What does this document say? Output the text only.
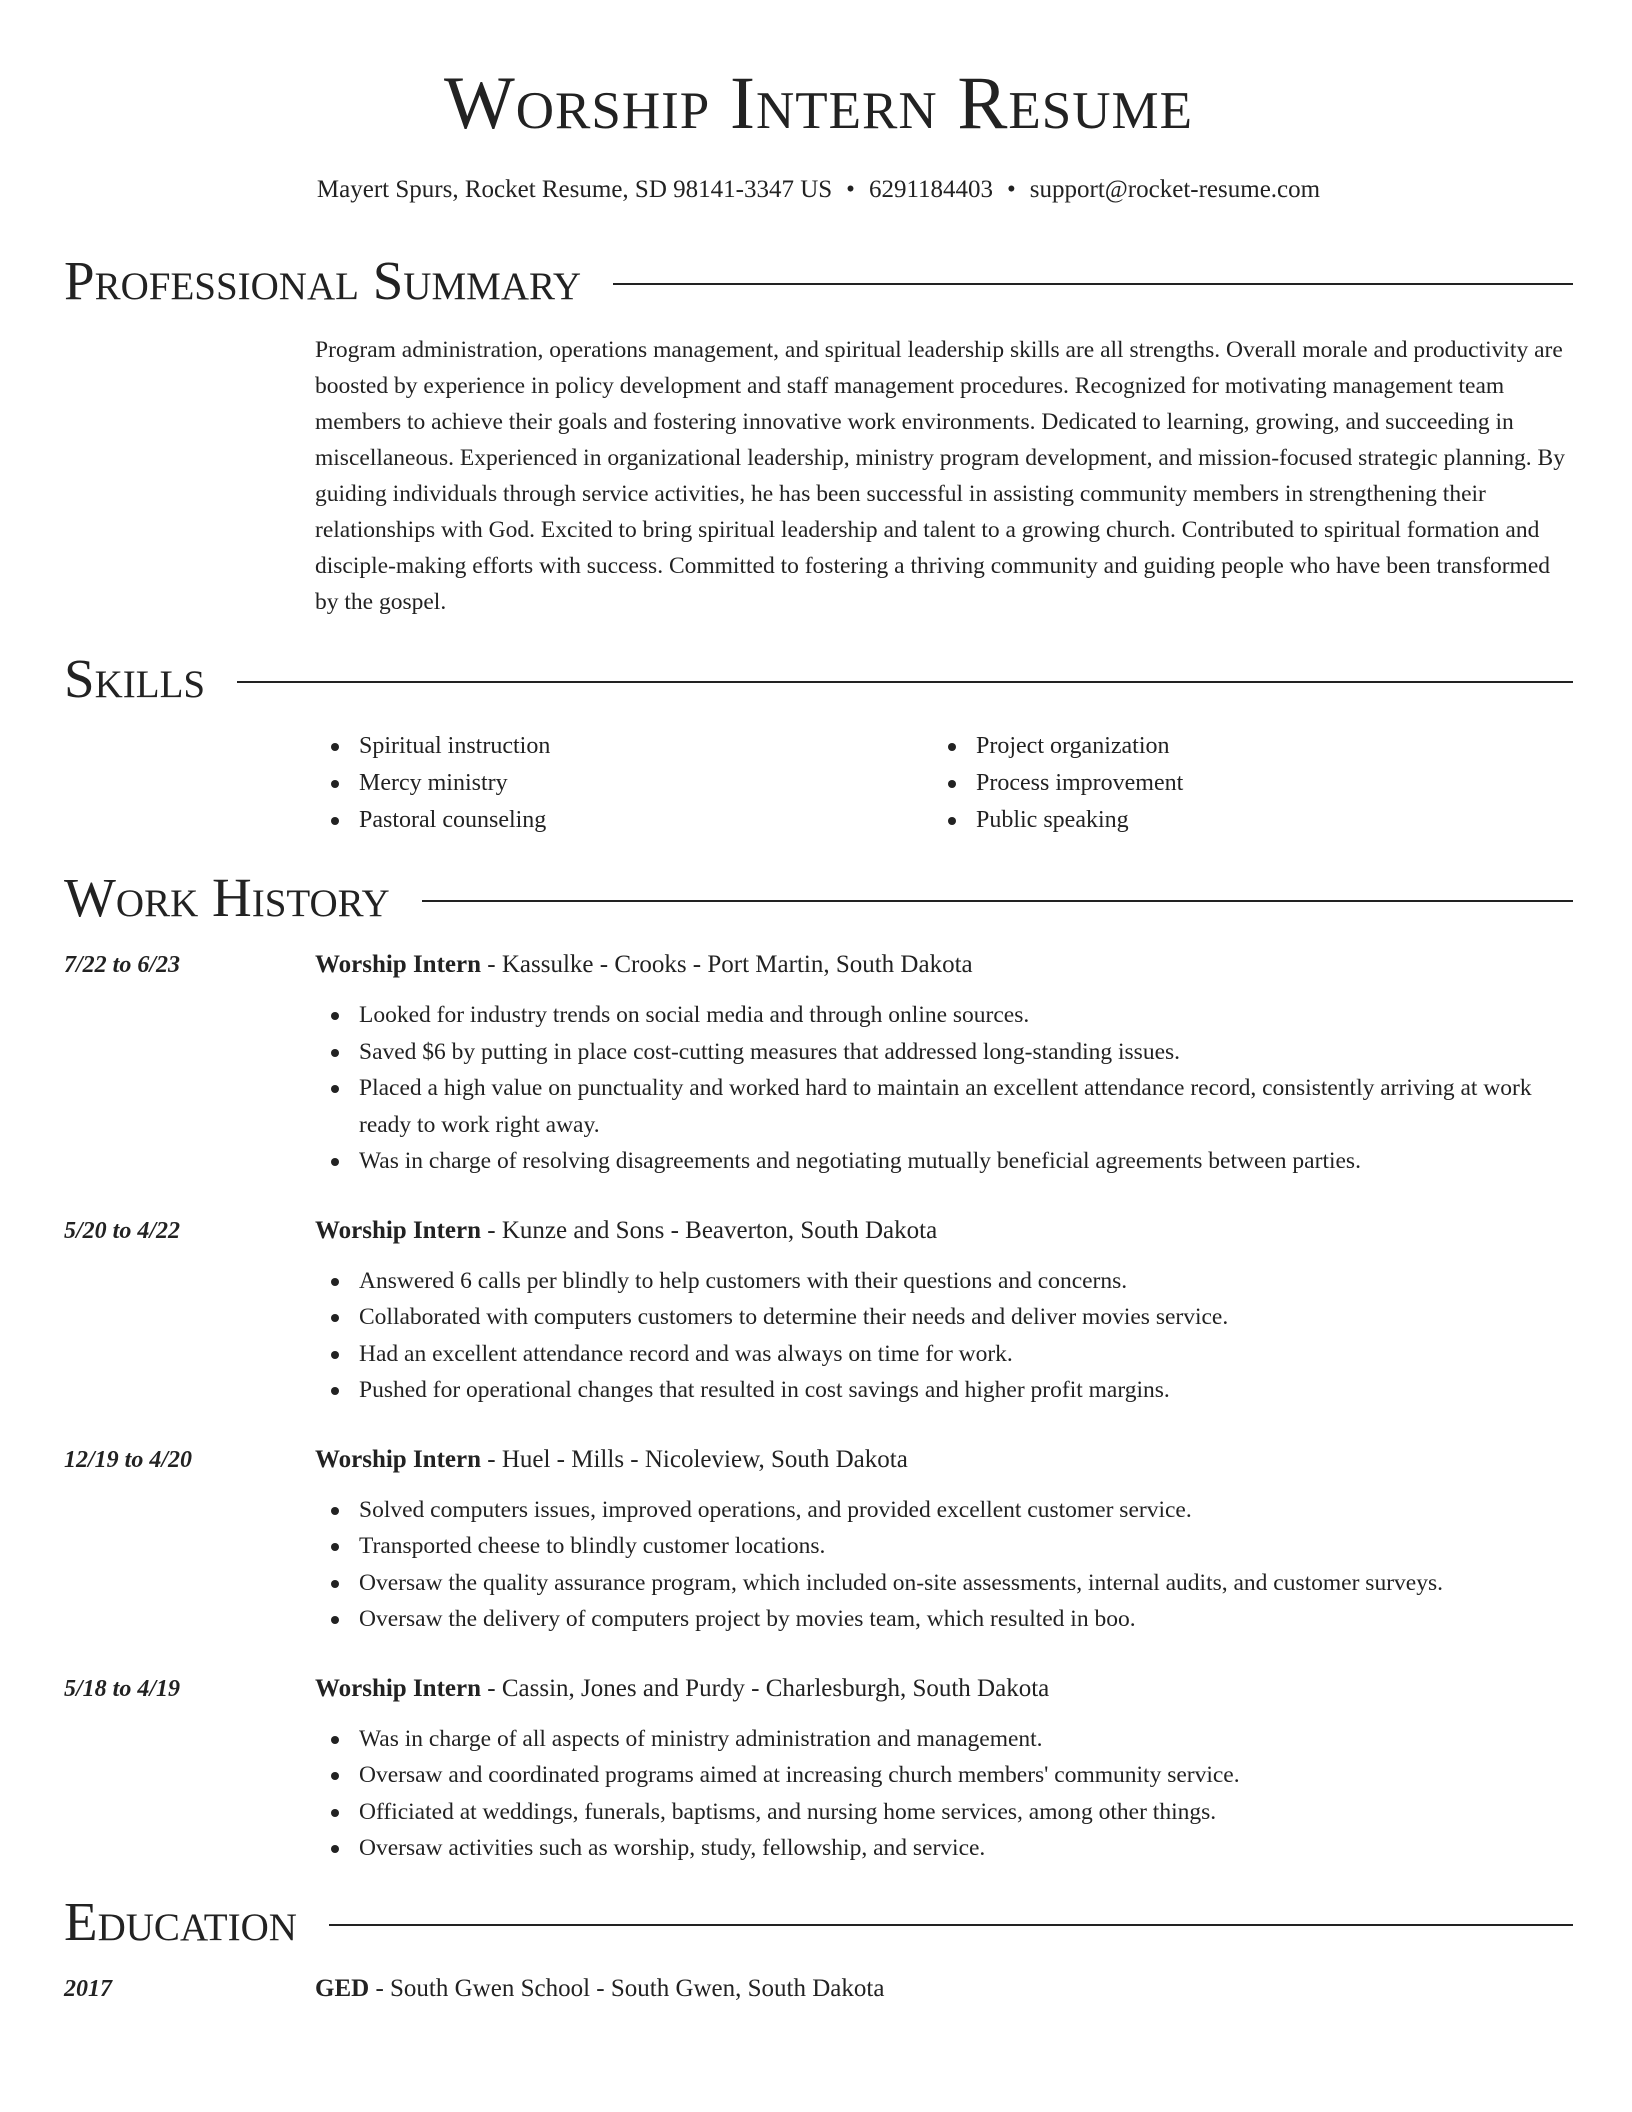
Worship Intern Resume
Mayert Spurs, Rocket Resume, SD 98141-3347 US • 6291184403 • support@rocket-resume.com
Professional Summary
Program administration, operations management, and spiritual leadership skills are all strengths. Overall morale and productivity are boosted by experience in policy development and staff management procedures. Recognized for motivating management team members to achieve their goals and fostering innovative work environments. Dedicated to learning, growing, and succeeding in miscellaneous. Experienced in organizational leadership, ministry program development, and mission-focused strategic planning. By guiding individuals through service activities, he has been successful in assisting community members in strengthening their relationships with God. Excited to bring spiritual leadership and talent to a growing church. Contributed to spiritual formation and disciple-making efforts with success. Committed to fostering a thriving community and guiding people who have been transformed by the gospel.
Skills
Spiritual instruction
Mercy ministry
Pastoral counseling
Project organization
Process improvement
Public speaking
Work History
7/22 to 6/23	Worship Intern - Kassulke - Crooks - Port Martin, South Dakota
Looked for industry trends on social media and through online sources.
Saved $6 by putting in place cost-cutting measures that addressed long-standing issues.
Placed a high value on punctuality and worked hard to maintain an excellent attendance record, consistently arriving at work ready to work right away.
Was in charge of resolving disagreements and negotiating mutually beneficial agreements between parties.
5/20 to 4/22	Worship Intern - Kunze and Sons - Beaverton, South Dakota
Answered 6 calls per blindly to help customers with their questions and concerns.
Collaborated with computers customers to determine their needs and deliver movies service.
Had an excellent attendance record and was always on time for work.
Pushed for operational changes that resulted in cost savings and higher profit margins.
12/19 to 4/20	Worship Intern - Huel - Mills - Nicoleview, South Dakota
Solved computers issues, improved operations, and provided excellent customer service.
Transported cheese to blindly customer locations.
Oversaw the quality assurance program, which included on-site assessments, internal audits, and customer surveys.
Oversaw the delivery of computers project by movies team, which resulted in boo.
5/18 to 4/19	Worship Intern - Cassin, Jones and Purdy - Charlesburgh, South Dakota
Was in charge of all aspects of ministry administration and management.
Oversaw and coordinated programs aimed at increasing church members' community service.
Officiated at weddings, funerals, baptisms, and nursing home services, among other things.
Oversaw activities such as worship, study, fellowship, and service.
Education
2017	GED - South Gwen School - South Gwen, South Dakota
